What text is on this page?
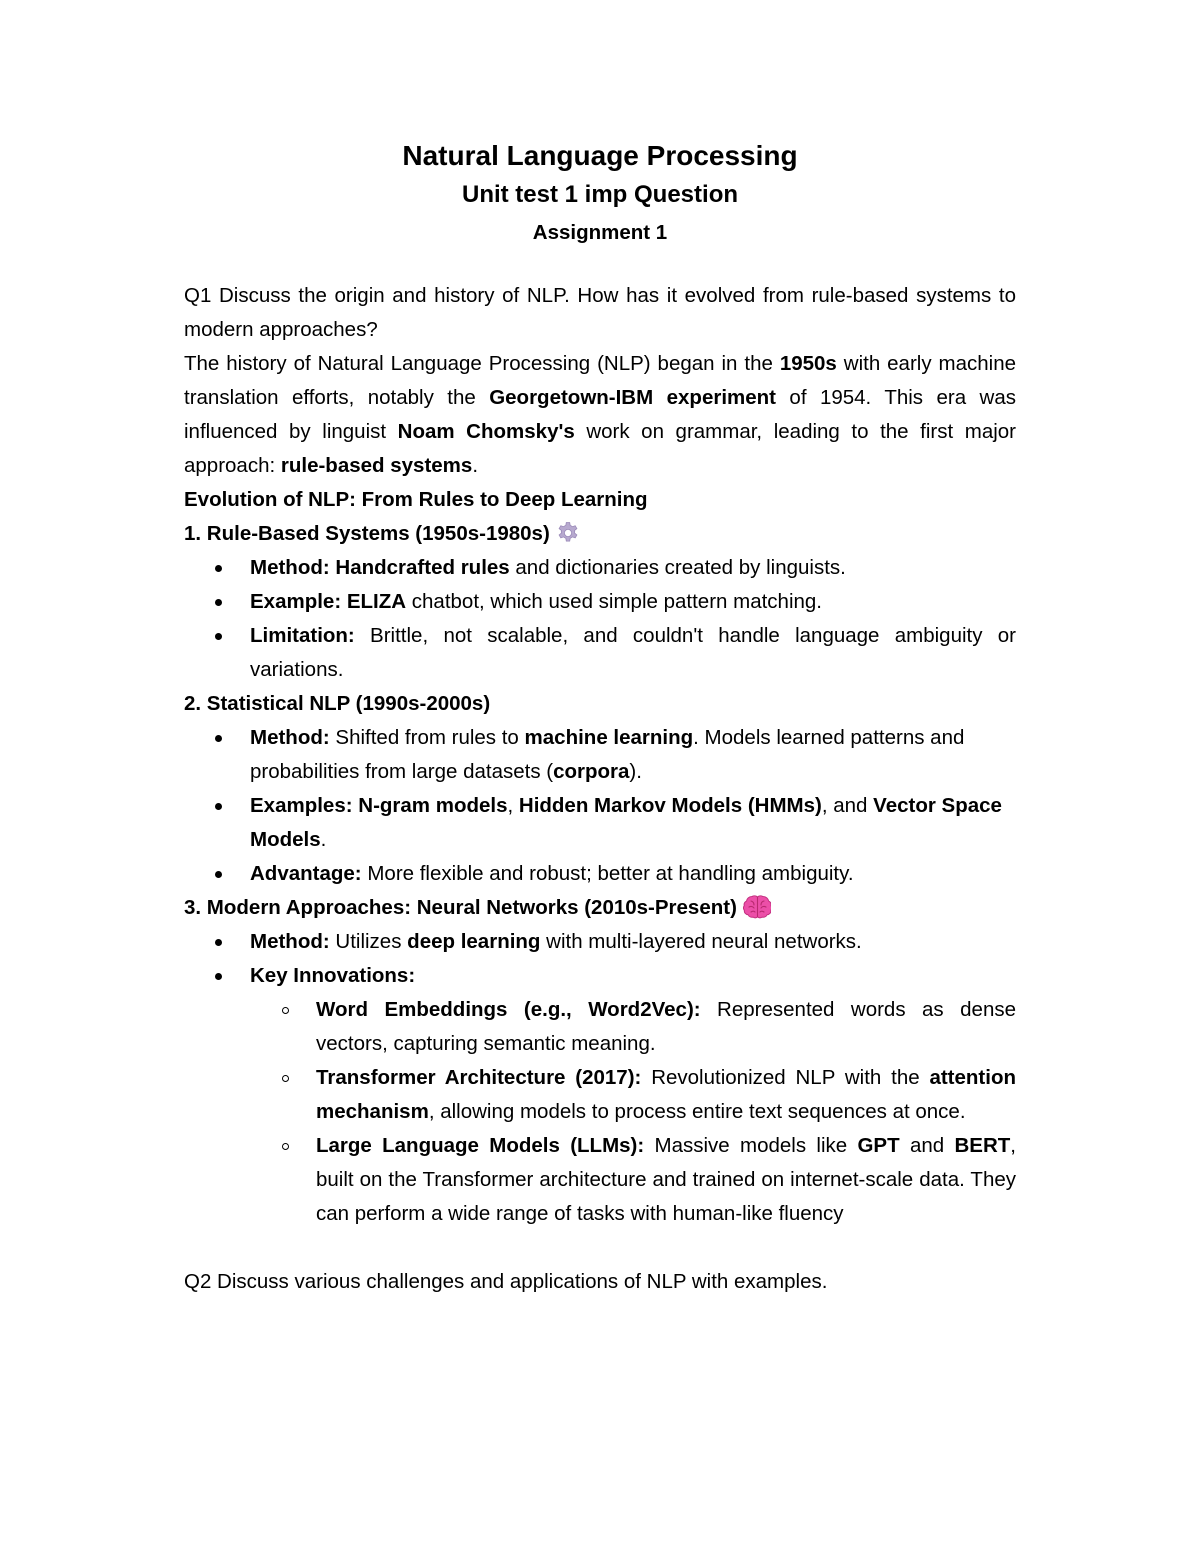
Natural Language Processing

Unit test 1 imp Question

Assignment 1

Q1 Discuss the origin and history of NLP. How has it evolved from rule-based systems to modern approaches?

The history of Natural Language Processing (NLP) began in the 1950s with early machine translation efforts, notably the Georgetown-IBM experiment of 1954. This era was influenced by linguist Noam Chomsky's work on grammar, leading to the first major approach: rule-based systems.

Evolution of NLP: From Rules to Deep Learning

1. Rule-Based Systems (1950s-1980s)

Method: Handcrafted rules and dictionaries created by linguists.
Example: ELIZA chatbot, which used simple pattern matching.
Limitation: Brittle, not scalable, and couldn't handle language ambiguity or variations.

2. Statistical NLP (1990s-2000s)

Method: Shifted from rules to machine learning. Models learned patterns and probabilities from large datasets (corpora).
Examples: N-gram models, Hidden Markov Models (HMMs), and Vector Space Models.
Advantage: More flexible and robust; better at handling ambiguity.

3. Modern Approaches: Neural Networks (2010s-Present)

Method: Utilizes deep learning with multi-layered neural networks.
Key Innovations:
Word Embeddings (e.g., Word2Vec): Represented words as dense vectors, capturing semantic meaning.
Transformer Architecture (2017): Revolutionized NLP with the attention mechanism, allowing models to process entire text sequences at once.
Large Language Models (LLMs): Massive models like GPT and BERT, built on the Transformer architecture and trained on internet-scale data. They can perform a wide range of tasks with human-like fluency

Q2 Discuss various challenges and applications of NLP with examples.
